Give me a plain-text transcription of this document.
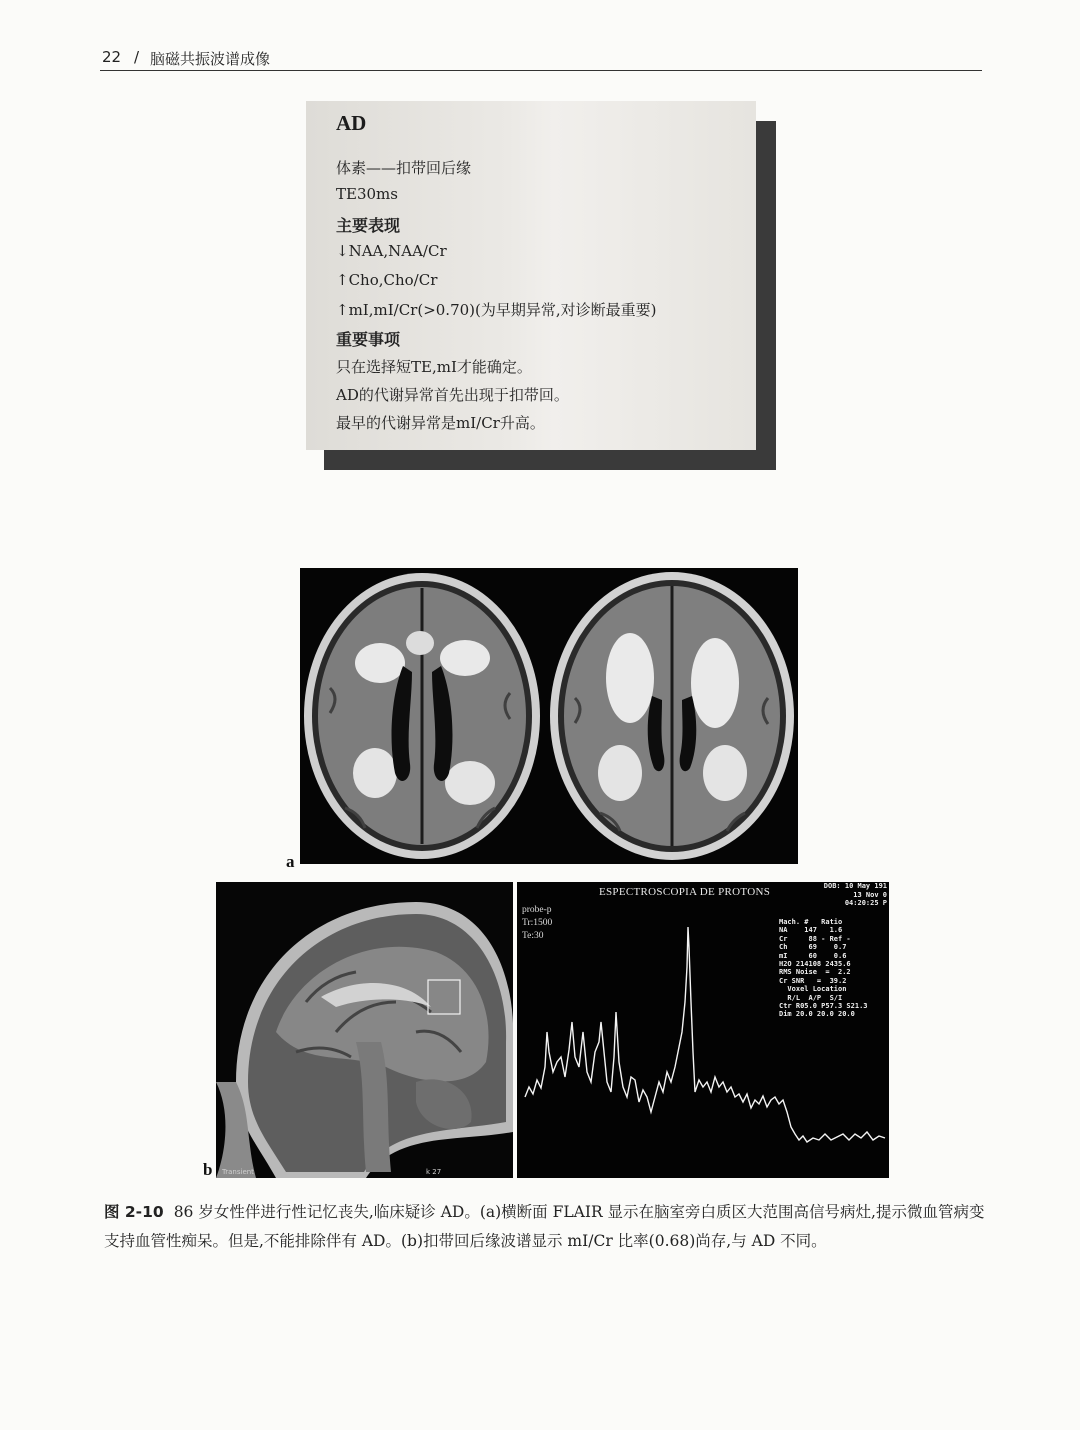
22 / 脑磁共振波谱成像
AD
体素——扣带回后缘
TE30ms
主要表现
↓NAA,NAA/Cr
↑Cho,Cho/Cr
↑mI,mI/Cr(>0.70)(为早期异常,对诊断最重要)
重要事项
只在选择短TE,mI才能确定。
AD的代谢异常首先出现于扣带回。
最早的代谢异常是mI/Cr升高。
a
Transient	k 27
b
ESPECTROSCOPIA DE PROTONS
probe-p
Tr:1500
Te:30
DOB: 10 May 191
13 Nov 0
04:20:25 P
Mach. #   Ratio
NA    147   1.6
Cr     88 - Ref -
Ch     69    0.7
mI     60    0.6
H2O 214108 2435.6
RMS Noise  =  2.2
Cr SNR   =  39.2
Voxel Location
R/L  A/P  S/I
Ctr R05.0 P57.3 S21.3
Dim 20.0 20.0 20.0
图 2-10 86 岁女性伴进行性记忆丧失,临床疑诊 AD。(a)横断面 FLAIR 显示在脑室旁白质区大范围高信号病灶,提示微血管病变支持血管性痴呆。但是,不能排除伴有 AD。(b)扣带回后缘波谱显示 mI/Cr 比率(0.68)尚存,与 AD 不同。
